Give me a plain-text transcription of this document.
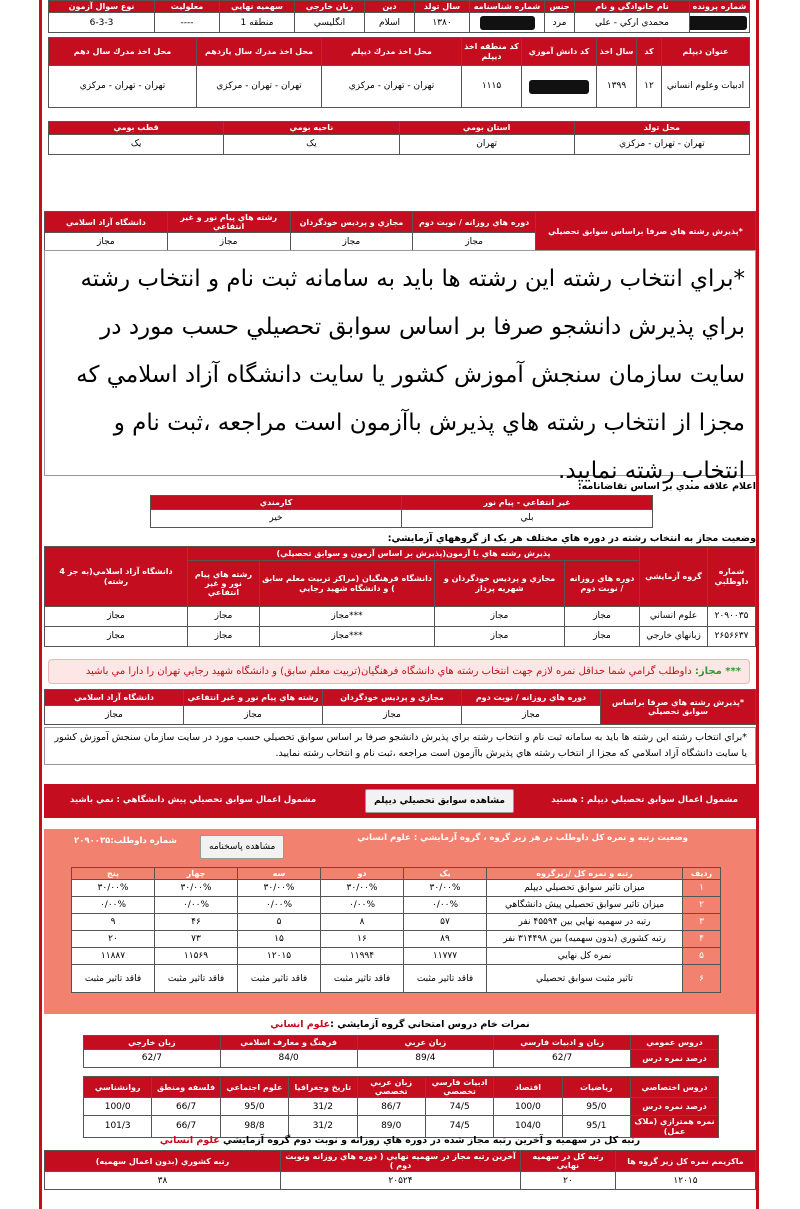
شماره پرونده	نام خانوادگي و نام	جنس	شماره شناسنامه	سال تولد	دين	زبان خارجي	سهميه نهايي	معلوليت	نوع سوال آزمون
	محمدي اركي - علي	مرد		۱۳۸۰	اسلام	انگليسي	منطقه 1	----	6-3-3
عنوان ديپلم	كد	سال اخذ	كد دانش آموزي	كد منطقه اخذ ديپلم	محل اخذ مدرك ديپلم	محل اخذ مدرك سال يازدهم	محل اخذ مدرك سال دهم
ادبيات وعلوم انساني	۱۲	۱۳۹۹		۱۱۱۵	تهران - تهران - مركزي	تهران - تهران - مركزي	تهران - تهران - مركزي
محل تولد	استان بومي	ناحيه بومي	قطب بومي
تهران - تهران - مركزي	تهران	يک	يک
*پذيرش رشته هاي صرفا براساس سوابق تحصيلي	دوره هاي روزانه / نوبت دوم	مجازي و پرديس خودگردان	رشته هاي پيام نور و غير انتفاعي	دانشگاه آزاد اسلامي
	مجاز	مجاز	مجاز	مجاز
*براي انتخاب رشته اين رشته ها بايد به سامانه ثبت نام و انتخاب رشته براي پذيرش دانشجو صرفا بر اساس سوابق تحصيلي حسب مورد در سايت سازمان سنجش آموزش كشور يا سايت دانشگاه آزاد اسلامي كه مجزا از انتخاب رشته هاي پذيرش باآزمون است مراجعه ،ثبت نام و انتخاب رشته نماييد.
اعلام علاقه مندي بر اساس تقاضانامه:
غير انتفاعي - پيام نور	كارمندي
بلي	خير
وضعيت مجاز به انتخاب رشته در دوره هاي مختلف هر يک از گروههاي آزمايشي:
شماره داوطلبي	گروه آزمايشي	پذيرش رشته هاي با آزمون(پذيرش بر اساس آزمون و سوابق تحصيلي)				دانشگاه آزاد اسلامي(به جز 4 رشته)
		دوره هاي روزانه / نوبت دوم	مجازي و پرديس خودگردان و شهريه پرداز	دانشگاه فرهنگيان (مراكز تربيت معلم سابق ) و دانشگاه شهيد رجايي	رشته هاي پيام نور و غير انتفاعي	
۲۰۹۰۰۳۵	علوم انساني	مجاز	مجاز	***مجاز	مجاز	مجاز
۲۶۵۶۶۳۷	زبانهاي خارجي	مجاز	مجاز	***مجاز	مجاز	مجاز
*** مجاز: داوطلب گرامي شما حداقل نمره لازم جهت انتخاب رشته هاي دانشگاه فرهنگيان(تربيت معلم سابق) و دانشگاه شهيد رجايي تهران را دارا مي باشيد
*پذيرش رشته هاي صرفا براساس سوابق تحصيلي	دوره هاي روزانه / نوبت دوم	مجازي و پرديس خودگردان	رشته هاي پيام نور و غير انتفاعي	دانشگاه آزاد اسلامي
	مجاز	مجاز	مجاز	مجاز
*براي انتخاب رشته اين رشته ها بايد به سامانه ثبت نام و انتخاب رشته براي پذيرش دانشجو صرفا بر اساس سوابق تحصيلي حسب مورد در سايت سازمان سنجش آموزش كشور يا سايت دانشگاه آزاد اسلامي كه مجزا از انتخاب رشته هاي پذيرش باآزمون است مراجعه ،ثبت نام و انتخاب رشته نماييد.
مشمول اعمال سوابق تحصيلي ديپلم : هستيد
مشاهده سوابق تحصيلي ديپلم
مشمول اعمال سوابق تحصيلي پيش دانشگاهي : نمي باشيد
وضعيت رتبه و نمره كل داوطلب در هر زير گروه ، گروه آزمايشي : علوم انساني
مشاهده پاسخنامه
شماره داوطلب:۲۰۹۰۰۳۵
رديف	رتبه و نمره كل /زيرگروه	يک	دو	سه	چهار	پنج
۱	ميزان تاثير سوابق تحصيلي ديپلم	۳۰/۰۰%	۳۰/۰۰%	۳۰/۰۰%	۳۰/۰۰%	۳۰/۰۰%
۲	ميزان تاثير سوابق تحصيلي پيش دانشگاهي	۰/۰۰%	۰/۰۰%	۰/۰۰%	۰/۰۰%	۰/۰۰%
۳	رتبه در سهميه نهايي بين ۴۵۵۹۴ نفر	۵۷	۸	۵	۴۶	۹
۴	رتبه كشوري (بدون سهميه) بين ۳۱۴۴۹۸ نفر	۸۹	۱۶	۱۵	۷۳	۲۰
۵	نمره كل نهايي	۱۱۷۷۷	۱۱۹۹۴	۱۲۰۱۵	۱۱۵۶۹	۱۱۸۸۷
۶	تاثير مثبت سوابق تحصيلي	فاقد تاثير مثبت	فاقد تاثير مثبت	فاقد تاثير مثبت	فاقد تاثير مثبت	فاقد تاثير مثبت
نمرات خام دروس امتحاني گروه آزمايشي :علوم انساني
دروس عمومي	زبان و ادبيات فارسي	زبان عربي	فرهنگ و معارف اسلامي	زبان خارجي
درصد نمره درس	62/7	89/4	84/0	62/7
دروس اختصاصي	رياضيات	اقتصاد	ادبيات فارسي تخصصي	زبان عربي تخصصي	تاريخ وجغرافيا	علوم اجتماعي	فلسفه ومنطق	روانشناسي
درصد نمره درس	95/0	100/0	74/5	86/7	31/2	95/0	66/7	100/0
نمره همترازي (ملاک عمل)	95/1	104/0	74/5	89/0	31/2	98/8	66/7	101/3
رتبه كل در سهميه و آخرين رتبه مجاز شده در دوره هاي روزانه و نوبت دوم گروه آزمايشي علوم انساني
ماكزيمم نمره كل زير گروه ها	رتبه كل در سهميه نهايي	آخرين رتبه مجاز در سهميه نهايي ( دوره هاي روزانه ونوبت دوم )	رتبه كشوري (بدون اعمال سهميه)
۱۲۰۱۵	۲۰	۲۰۵۲۴	۳۸
